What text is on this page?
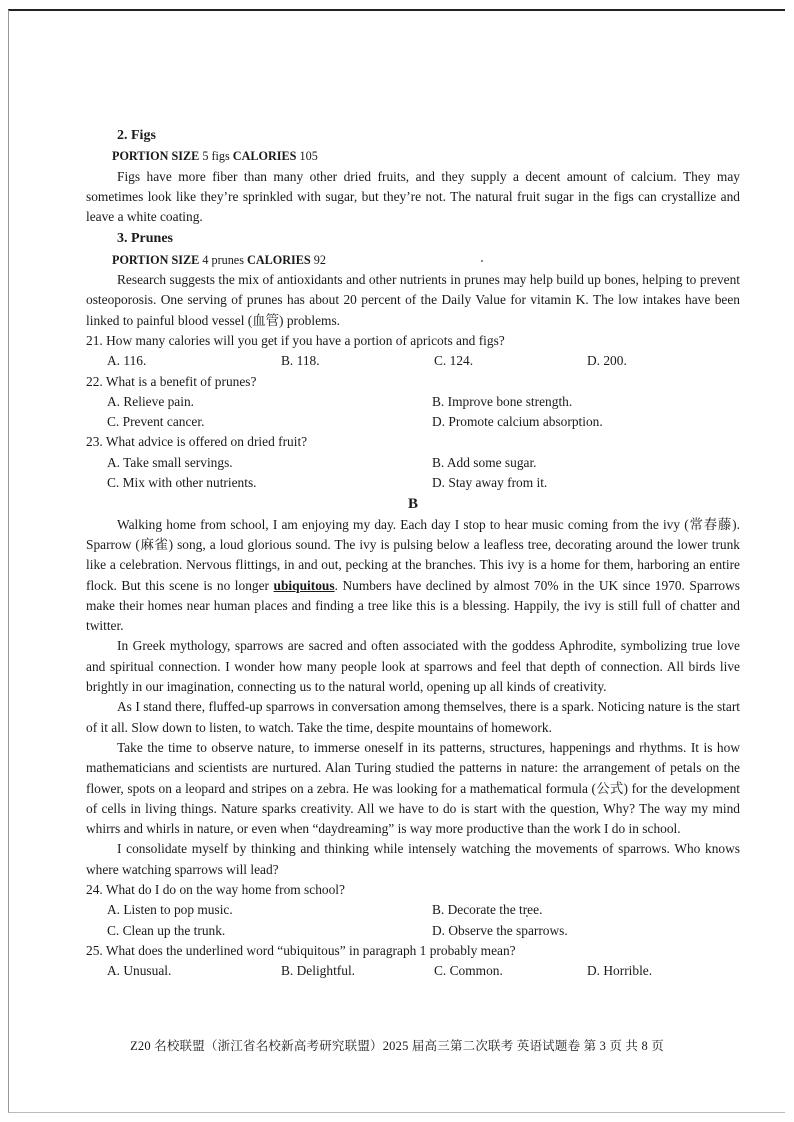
2. Figs
PORTION SIZE 5 figs CALORIES 105

Figs have more fiber than many other dried fruits, and they supply a decent amount of calcium. They may sometimes look like they’re sprinkled with sugar, but they’re not. The natural fruit sugar in the figs can crystallize and leave a white coating.

3. Prunes
PORTION SIZE 4 prunes CALORIES 92

Research suggests the mix of antioxidants and other nutrients in prunes may help build up bones, helping to prevent osteoporosis. One serving of prunes has about 20 percent of the Daily Value for vitamin K. The low intakes have been linked to painful blood vessel (血管) problems.

21. How many calories will you get if you have a portion of apricots and figs?

A. 116.	B. 118.	C. 124.	D. 200.

22. What is a benefit of prunes?

A. Relieve pain.	B. Improve bone strength.
C. Prevent cancer.	D. Promote calcium absorption.

23. What advice is offered on dried fruit?

A. Take small servings.	B. Add some sugar.
C. Mix with other nutrients.	D. Stay away from it.
B

Walking home from school, I am enjoying my day. Each day I stop to hear music coming from the ivy (常春藤). Sparrow (麻雀) song, a loud glorious sound. The ivy is pulsing below a leafless tree, decorating around the lower trunk like a celebration. Nervous flittings, in and out, pecking at the branches. This ivy is a home for them, harboring an entire flock. But this scene is no longer ubiquitous. Numbers have declined by almost 70% in the UK since 1970. Sparrows make their homes near human places and finding a tree like this is a blessing. Happily, the ivy is still full of chatter and twitter.

In Greek mythology, sparrows are sacred and often associated with the goddess Aphrodite, symbolizing true love and spiritual connection. I wonder how many people look at sparrows and feel that depth of connection. All birds live brightly in our imagination, connecting us to the natural world, opening up all kinds of creativity.

As I stand there, fluffed-up sparrows in conversation among themselves, there is a spark. Noticing nature is the start of it all. Slow down to listen, to watch. Take the time, despite mountains of homework.

Take the time to observe nature, to immerse oneself in its patterns, structures, happenings and rhythms. It is how mathematicians and scientists are nurtured. Alan Turing studied the patterns in nature: the arrangement of petals on the flower, spots on a leopard and stripes on a zebra. He was looking for a mathematical formula (公式) for the development of cells in living things. Nature sparks creativity. All we have to do is start with the question, Why? The way my mind whirrs and whirls in nature, or even when “daydreaming” is way more productive than the work I do in school.

I consolidate myself by thinking and thinking while intensely watching the movements of sparrows. Who knows where watching sparrows will lead?

24. What do I do on the way home from school?

A. Listen to pop music.	B. Decorate the tree.
C. Clean up the trunk.	D. Observe the sparrows.

25. What does the underlined word “ubiquitous” in paragraph 1 probably mean?

A. Unusual.	B. Delightful.	C. Common.	D. Horrible.
Z20 名校联盟（浙江省名校新高考研究联盟）2025 届高三第二次联考 英语试题卷 第 3 页 共 8 页
